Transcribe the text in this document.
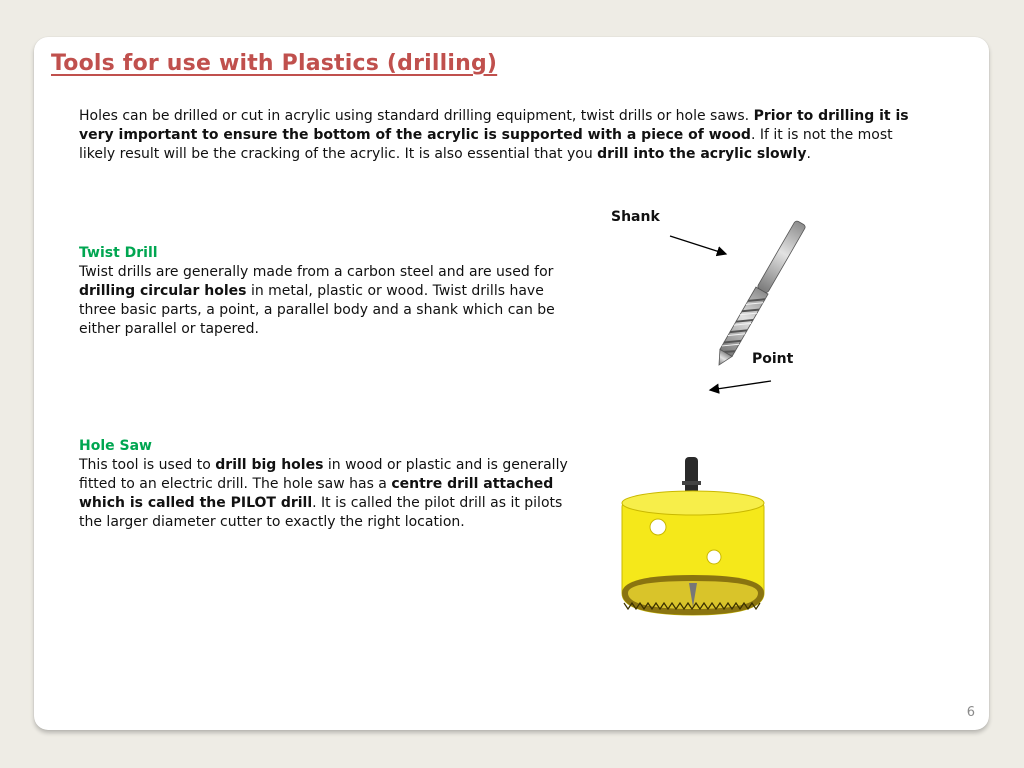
Tools for use with Plastics (drilling)

Holes can be drilled or cut in acrylic using standard drilling equipment, twist drills or hole saws. Prior to drilling it is very important to ensure the bottom of the acrylic is supported with a piece of wood. If it is not the most likely result will be the cracking of the acrylic. It is also essential that you drill into the acrylic slowly.

Twist Drill
Twist drills are generally made from a carbon steel and are used for drilling circular holes in metal, plastic or wood. Twist drills have three basic parts, a point, a parallel body and a shank which can be either parallel or tapered.
Hole Saw
This tool is used to drill big holes in wood or plastic and is generally fitted to an electric drill. The hole saw has a centre drill attached which is called the PILOT drill. It is called the pilot drill as it pilots the larger diameter cutter to exactly the right location.
Shank
Point
6
